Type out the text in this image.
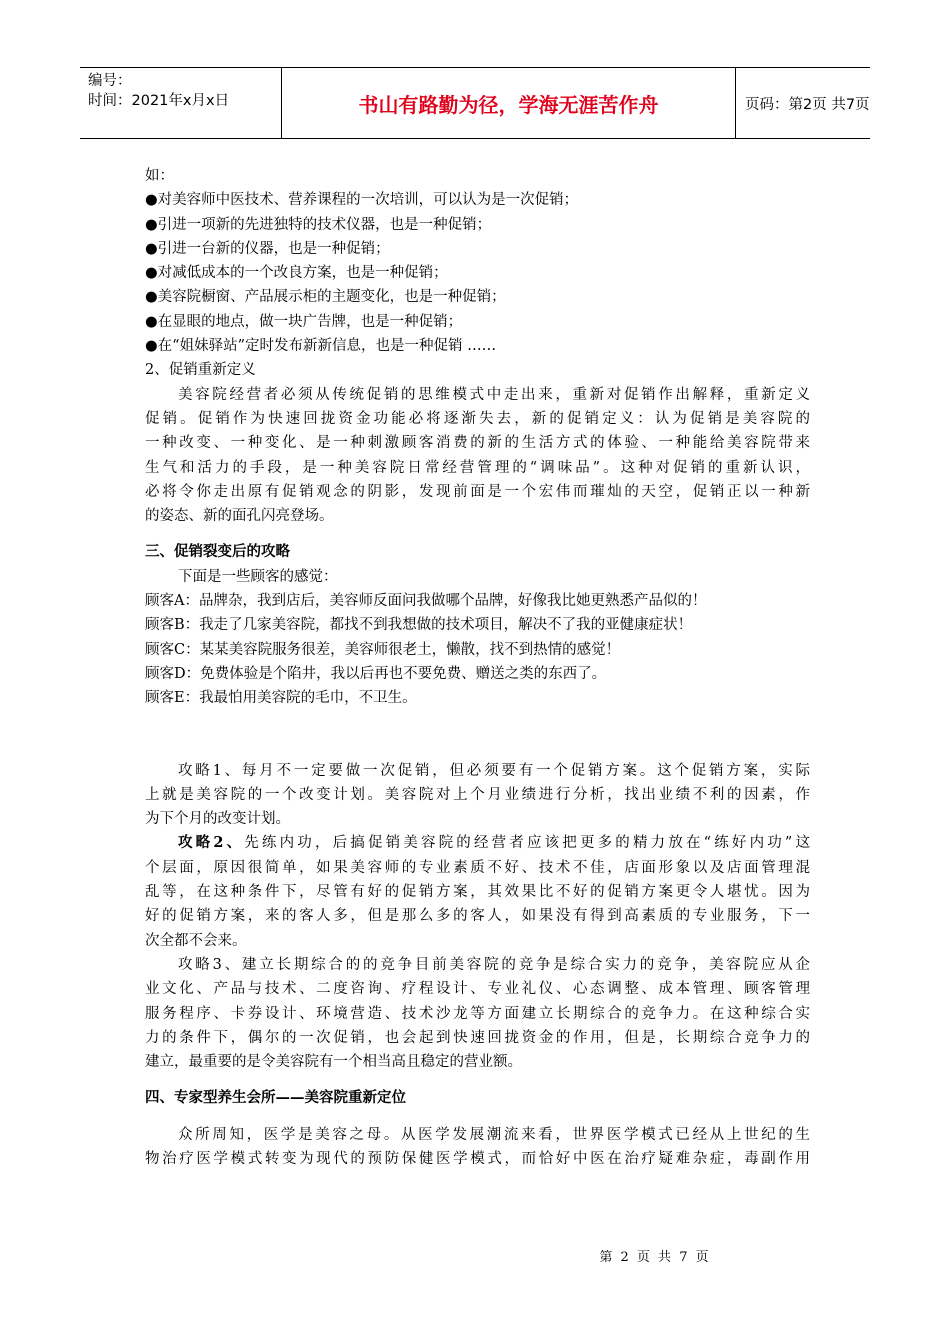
编号：
时间：2021年x月x日	书山有路勤为径，学海无涯苦作舟	页码：第2页 共7页
如：
●对美容师中医技术、营养课程的一次培训，可以认为是一次促销；
●引进一项新的先进独特的技术仪器，也是一种促销；
●引进一台新的仪器，也是一种促销；
●对减低成本的一个改良方案，也是一种促销；
●美容院橱窗、产品展示柜的主题变化，也是一种促销；
●在显眼的地点，做一块广告牌，也是一种促销；
●在“姐妹驿站”定时发布新新信息，也是一种促销 ……
2、促销重新定义
美容院经营者必须从传统促销的思维模式中走出来，重新对促销作出解释，重新定义
促销。促销作为快速回拢资金功能必将逐渐失去，新的促销定义：认为促销是美容院的
一种改变、一种变化、是一种刺激顾客消费的新的生活方式的体验、一种能给美容院带来
生气和活力的手段，是一种美容院日常经营管理的“调味品”。这种对促销的重新认识，
必将令你走出原有促销观念的阴影，发现前面是一个宏伟而璀灿的天空，促销正以一种新
的姿态、新的面孔闪亮登场。
三、促销裂变后的攻略
下面是一些顾客的感觉：
顾客A：品牌杂，我到店后，美容师反面问我做哪个品牌，好像我比她更熟悉产品似的！
顾客B：我走了几家美容院，都找不到我想做的技术项目，解决不了我的亚健康症状！
顾客C：某某美容院服务很差，美容师很老土，懒散，找不到热情的感觉！
顾客D：免费体验是个陷井，我以后再也不要免费、赠送之类的东西了。
顾客E：我最怕用美容院的毛巾，不卫生。
攻略1、每月不一定要做一次促销，但必须要有一个促销方案。这个促销方案，实际
上就是美容院的一个改变计划。美容院对上个月业绩进行分析，找出业绩不利的因素，作
为下个月的改变计划。
攻略2、先练内功，后搞促销美容院的经营者应该把更多的精力放在“练好内功”这
个层面，原因很简单，如果美容师的专业素质不好、技术不佳，店面形象以及店面管理混
乱等，在这种条件下，尽管有好的促销方案，其效果比不好的促销方案更令人堪忧。因为
好的促销方案，来的客人多，但是那么多的客人，如果没有得到高素质的专业服务，下一
次全都不会来。
攻略3、建立长期综合的的竞争目前美容院的竞争是综合实力的竞争，美容院应从企
业文化、产品与技术、二度咨询、疗程设计、专业礼仪、心态调整、成本管理、顾客管理
服务程序、卡券设计、环境营造、技术沙龙等方面建立长期综合的竞争力。在这种综合实
力的条件下，偶尔的一次促销，也会起到快速回拢资金的作用，但是，长期综合竞争力的
建立，最重要的是令美容院有一个相当高且稳定的营业额。
四、专家型养生会所——美容院重新定位
众所周知，医学是美容之母。从医学发展潮流来看，世界医学模式已经从上世纪的生
物治疗医学模式转变为现代的预防保健医学模式，而恰好中医在治疗疑难杂症，毒副作用
第 2 页 共 7 页
